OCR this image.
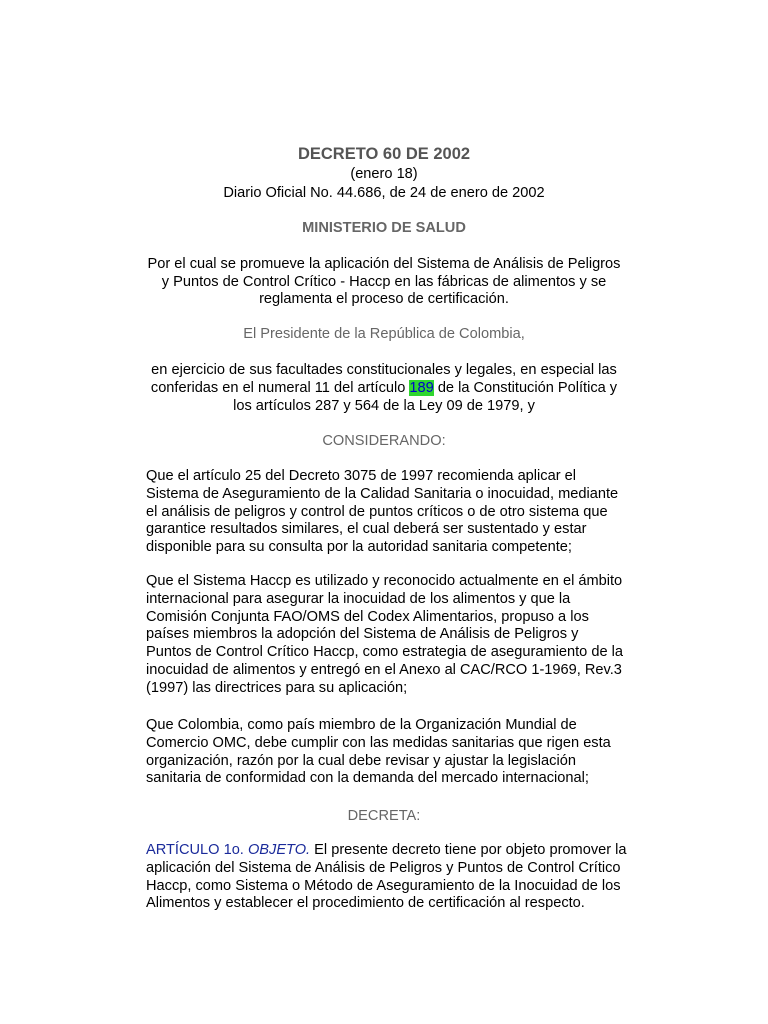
DECRETO 60 DE 2002
(enero 18)
Diario Oficial No. 44.686, de 24 de enero de 2002
MINISTERIO DE SALUD
Por el cual se promueve la aplicación del Sistema de Análisis de Peligros
y Puntos de Control Crítico - Haccp en las fábricas de alimentos y se
reglamenta el proceso de certificación.
El Presidente de la República de Colombia,
en ejercicio de sus facultades constitucionales y legales, en especial las
conferidas en el numeral 11 del artículo 189 de la Constitución Política y
los artículos 287 y 564 de la Ley 09 de 1979, y
CONSIDERANDO:
Que el artículo 25 del Decreto 3075 de 1997 recomienda aplicar el
Sistema de Aseguramiento de la Calidad Sanitaria o inocuidad, mediante
el análisis de peligros y control de puntos críticos o de otro sistema que
garantice resultados similares, el cual deberá ser sustentado y estar
disponible para su consulta por la autoridad sanitaria competente;
Que el Sistema Haccp es utilizado y reconocido actualmente en el ámbito
internacional para asegurar la inocuidad de los alimentos y que la
Comisión Conjunta FAO/OMS del Codex Alimentarios, propuso a los
países miembros la adopción del Sistema de Análisis de Peligros y
Puntos de Control Crítico Haccp, como estrategia de aseguramiento de la
inocuidad de alimentos y entregó en el Anexo al CAC/RCO 1-1969, Rev.3
(1997) las directrices para su aplicación;
Que Colombia, como país miembro de la Organización Mundial de
Comercio OMC, debe cumplir con las medidas sanitarias que rigen esta
organización, razón por la cual debe revisar y ajustar la legislación
sanitaria de conformidad con la demanda del mercado internacional;
DECRETA:
ARTÍCULO 1o. OBJETO. El presente decreto tiene por objeto promover la
aplicación del Sistema de Análisis de Peligros y Puntos de Control Crítico
Haccp, como Sistema o Método de Aseguramiento de la Inocuidad de los
Alimentos y establecer el procedimiento de certificación al respecto.
